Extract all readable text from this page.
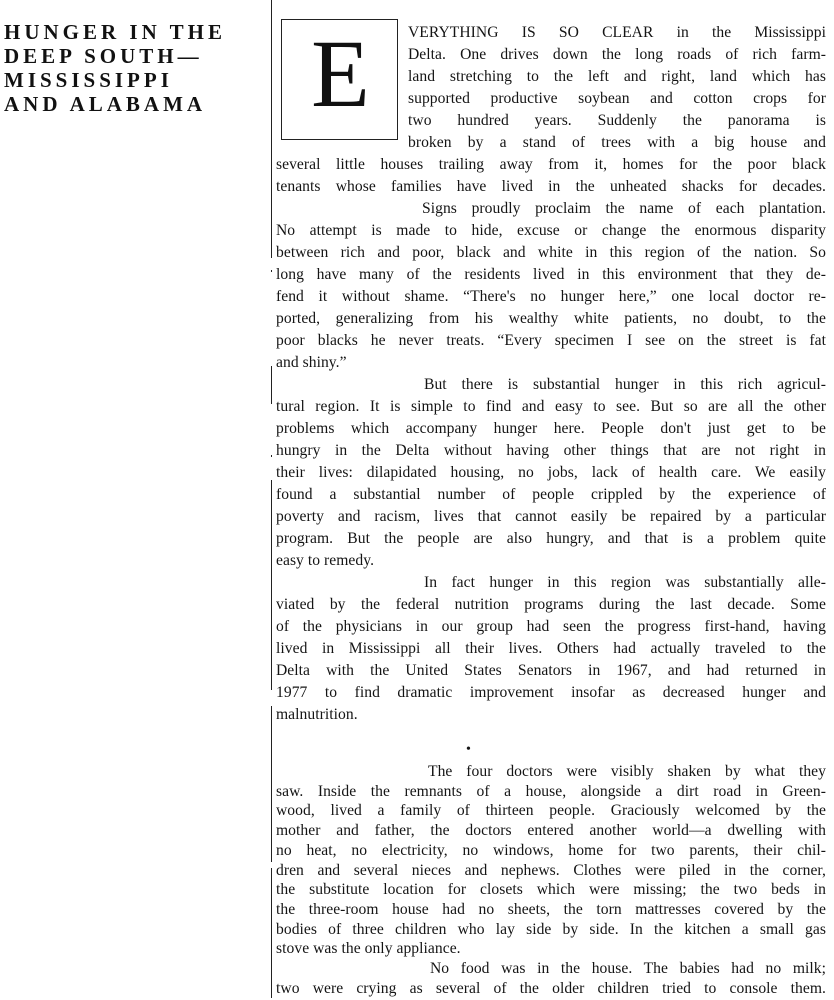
HUNGER IN THE
DEEP SOUTH—
MISSISSIPPI
AND ALABAMA	E	VERYTHING IS SO CLEAR in the Mississippi
Delta. One drives down the long roads of rich farm-
land stretching to the left and right, land which has
supported productive soybean and cotton crops for
two hundred years. Suddenly the panorama is
broken by a stand of trees with a big house and
several little houses trailing away from it, homes for the poor black
tenants whose families have lived in the unheated shacks for decades.
Signs proudly proclaim the name of each plantation.
No attempt is made to hide, excuse or change the enormous disparity
between rich and poor, black and white in this region of the nation. So
long have many of the residents lived in this environment that they de-
fend it without shame. “There's no hunger here,” one local doctor re-
ported, generalizing from his wealthy white patients, no doubt, to the
poor blacks he never treats. “Every specimen I see on the street is fat
and shiny.”
But there is substantial hunger in this rich agricul-
tural region. It is simple to find and easy to see. But so are all the other
problems which accompany hunger here. People don't just get to be
hungry in the Delta without having other things that are not right in
their lives: dilapidated housing, no jobs, lack of health care. We easily
found a substantial number of people crippled by the experience of
poverty and racism, lives that cannot easily be repaired by a particular
program. But the people are also hungry, and that is a problem quite
easy to remedy.
In fact hunger in this region was substantially alle-
viated by the federal nutrition programs during the last decade. Some
of the physicians in our group had seen the progress first-hand, having
lived in Mississippi all their lives. Others had actually traveled to the
Delta with the United States Senators in 1967, and had returned in
1977 to find dramatic improvement insofar as decreased hunger and
malnutrition.
The four doctors were visibly shaken by what they
saw. Inside the remnants of a house, alongside a dirt road in Green-
wood, lived a family of thirteen people. Graciously welcomed by the
mother and father, the doctors entered another world—a dwelling with
no heat, no electricity, no windows, home for two parents, their chil-
dren and several nieces and nephews. Clothes were piled in the corner,
the substitute location for closets which were missing; the two beds in
the three-room house had no sheets, the torn mattresses covered by the
bodies of three children who lay side by side. In the kitchen a small gas
stove was the only appliance.
No food was in the house. The babies had no milk;
two were crying as several of the older children tried to console them.
•
